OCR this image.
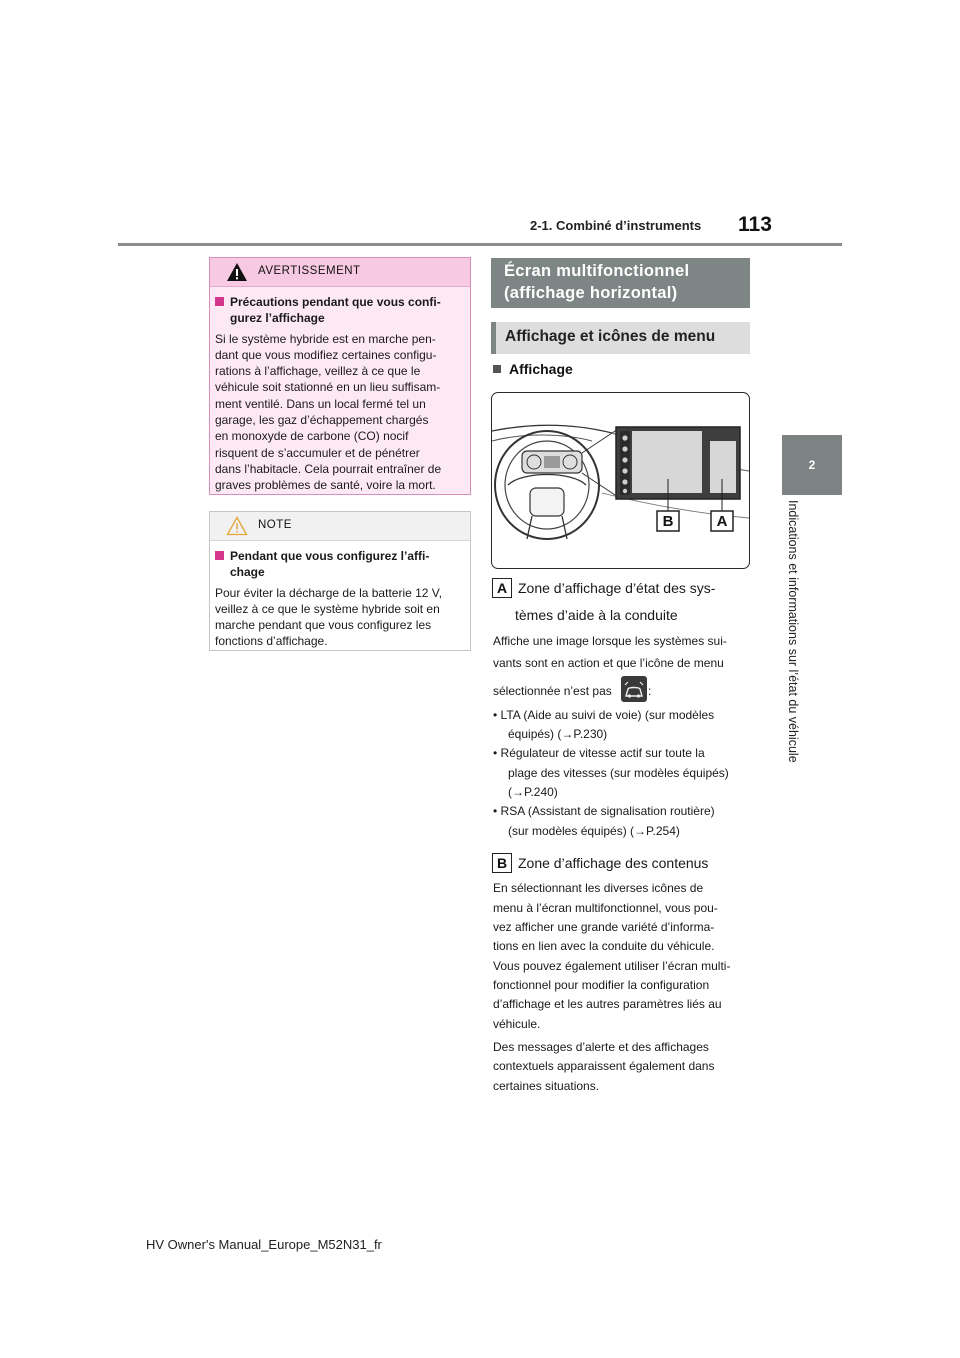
2-1. Combiné d’instruments 113
2
Indications et informations sur l’état du véhicule
AVERTISSEMENT
Précautions pendant que vous confi-
gurez l’affichage
Si le système hybride est en marche pen-
dant que vous modifiez certaines configu-
rations à l’affichage, veillez à ce que le
véhicule soit stationné en un lieu suffisam-
ment ventilé. Dans un local fermé tel un
garage, les gaz d’échappement chargés
en monoxyde de carbone (CO) nocif
risquent de s’accumuler et de pénétrer
dans l’habitacle. Cela pourrait entraîner de
graves problèmes de santé, voire la mort.
NOTE
Pendant que vous configurez l’affi-
chage
Pour éviter la décharge de la batterie 12 V,
veillez à ce que le système hybride soit en
marche pendant que vous configurez les
fonctions d’affichage.
Écran multifonctionnel
(affichage horizontal)
Affichage et icônes de menu
Affichage
B	A
A Zone d’affichage d’état des sys-
tèmes d’aide à la conduite
Affiche une image lorsque les systèmes sui-
vants sont en action et que l’icône de menu
sélectionnée n’est pas	:
• LTA (Aide au suivi de voie) (sur modèles
équipés) (→P.230)
• Régulateur de vitesse actif sur toute la
plage des vitesses (sur modèles équipés)
(→P.240)
• RSA (Assistant de signalisation routière)
(sur modèles équipés) (→P.254)
B Zone d’affichage des contenus
En sélectionnant les diverses icônes de
menu à l’écran multifonctionnel, vous pou-
vez afficher une grande variété d’informa-
tions en lien avec la conduite du véhicule.
Vous pouvez également utiliser l’écran multi-
fonctionnel pour modifier la configuration
d’affichage et les autres paramètres liés au
véhicule.
Des messages d’alerte et des affichages
contextuels apparaissent également dans
certaines situations.
HV Owner's Manual_Europe_M52N31_fr
